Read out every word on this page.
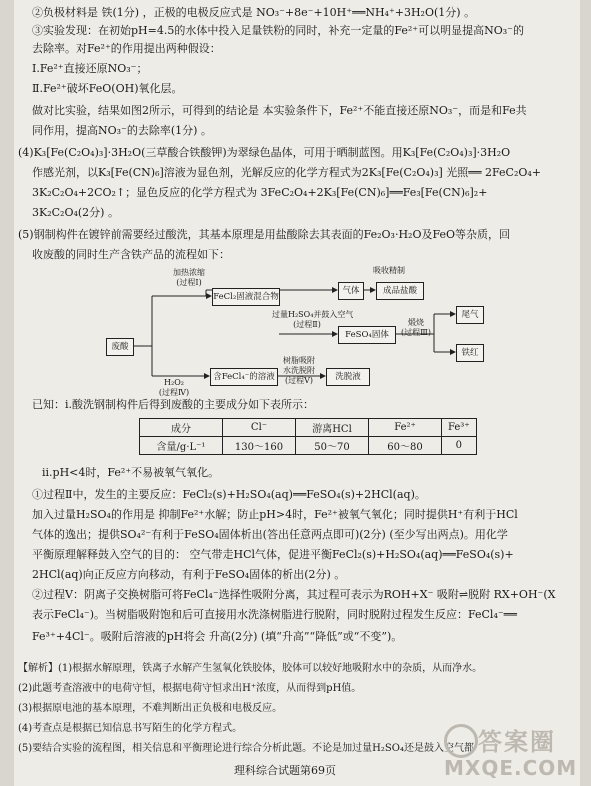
②负极材料是 铁(1分) ，正极的电极反应式是 NO₃⁻+8e⁻+10H⁺══NH₄⁺+3H₂O(1分) 。
③实验发现：在初始pH=4.5的水体中投入足量铁粉的同时，补充一定量的Fe²⁺可以明显提高NO₃⁻的
去除率。对Fe²⁺的作用提出两种假设：
Ⅰ.Fe²⁺直接还原NO₃⁻；
Ⅱ.Fe²⁺破坏FeO(OH)氧化层。
做对比实验，结果如图2所示，可得到的结论是 本实验条件下，Fe²⁺不能直接还原NO₃⁻，而是和Fe共
同作用，提高NO₃⁻的去除率(1分) 。
(4)K₃[Fe(C₂O₄)₃]·3H₂O(三草酸合铁酸钾)为翠绿色晶体，可用于晒制蓝图。用K₃[Fe(C₂O₄)₃]·3H₂O
作感光剂，以K₃[Fe(CN)₆]溶液为显色剂，光解反应的化学方程式为2K₃[Fe(C₂O₄)₃] 光照══ 2FeC₂O₄+
3K₂C₂O₄+2CO₂↑；显色反应的化学方程式为 3FeC₂O₄+2K₃[Fe(CN)₆]══Fe₃[Fe(CN)₆]₂+
3K₂C₂O₄(2分) 。
(5)钢制构件在镀锌前需要经过酸洗，其基本原理是用盐酸除去其表面的Fe₂O₃·H₂O及FeO等杂质，回
收废酸的同时生产含铁产品的流程如下：
废酸
加热浓缩
(过程Ⅰ)
气体
吸收精制
成品盐酸
FeCl₂固液混合物
过量H₂SO₄并鼓入空气
(过程Ⅱ)
FeSO₄固体
煅烧
(过程Ⅲ)
尾气
铁红
H₂O₂
(过程Ⅳ)
含FeCl₄⁻的溶液
树脂吸附
水洗脱附
(过程Ⅴ)	洗脱液
已知：i.酸洗钢制构件后得到废酸的主要成分如下表所示：
成分	Cl⁻	游离HCl	Fe²⁺	Fe³⁺
含量/g·L⁻¹	130～160	50～70	60～80	0
ii.pH<4时，Fe²⁺不易被氧气氧化。
①过程Ⅱ中，发生的主要反应：FeCl₂(s)+H₂SO₄(aq)══FeSO₄(s)+2HCl(aq)。
加入过量H₂SO₄的作用是 抑制Fe²⁺水解；防止pH>4时，Fe²⁺被氧气氧化；同时提供H⁺有利于HCl
气体的逸出；提供SO₄²⁻有利于FeSO₄固体析出(答出任意两点即可)(2分) (至少写出两点)。用化学
平衡原理解释鼓入空气的目的： 空气带走HCl气体，促进平衡FeCl₂(s)+H₂SO₄(aq)══FeSO₄(s)+
2HCl(aq)向正反应方向移动，有利于FeSO₄固体的析出(2分) 。
②过程Ⅴ：阴离子交换树脂可将FeCl₄⁻选择性吸附分离，其过程可表示为ROH+X⁻ 吸附⇌脱附 RX+OH⁻(X
表示FeCl₄⁻)。当树脂吸附饱和后可直接用水洗涤树脂进行脱附，同时脱附过程发生反应：FeCl₄⁻══
Fe³⁺+4Cl⁻。吸附后溶液的pH将会 升高(2分) (填“升高”“降低”或“不变”)。
【解析】(1)根据水解原理，铁离子水解产生氢氧化铁胶体，胶体可以较好地吸附水中的杂质，从而净水。
(2)此题考查溶液中的电荷守恒，根据电荷守恒求出H⁺浓度，从而得到pH值。
(3)根据原电池的基本原理，不难判断出正负极和电极反应。
(4)考查点是根据已知信息书写陌生的化学方程式。
(5)要结合实验的流程图，相关信息和平衡理论进行综合分析此题。不论是加过量H₂SO₄还是鼓入空气都
理科综合试题第69页
答案圈
MXQE.COM
